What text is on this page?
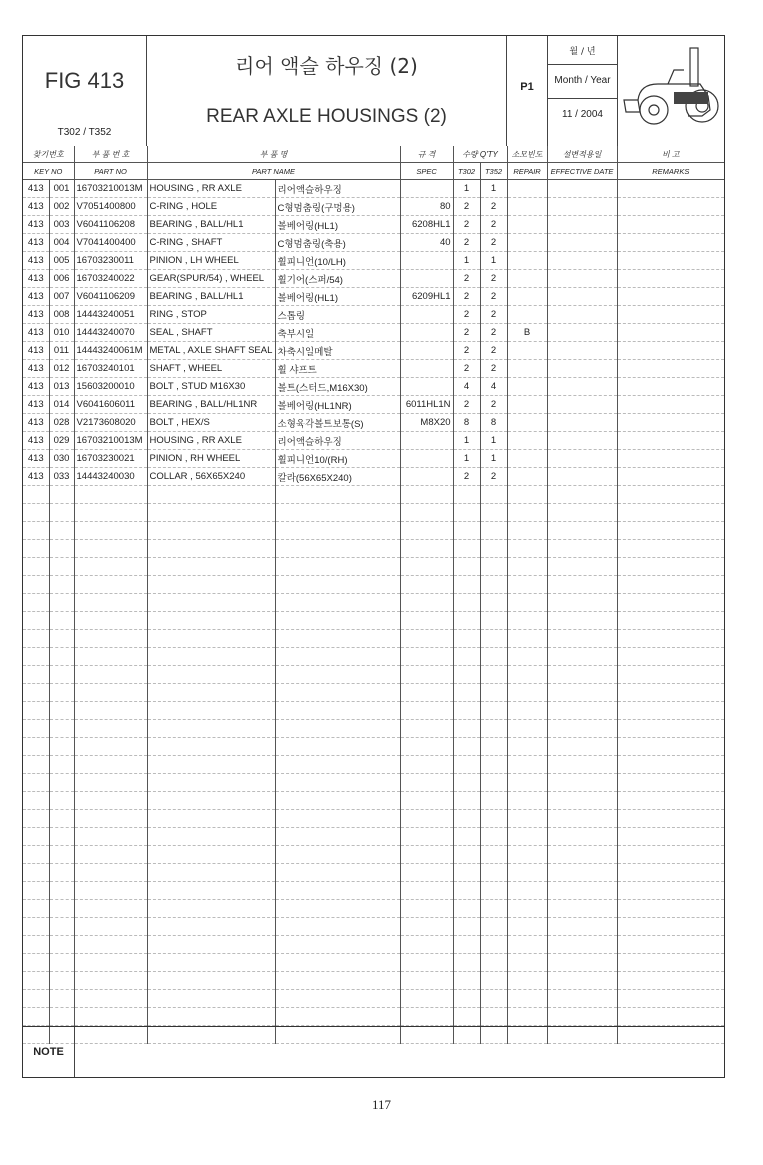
FIG 413
T302 / T352
리어 액슬 하우징 (2)
REAR AXLE HOUSINGS (2)
P1
월 / 년
Month / Year
11 / 2004
찾기번호		부 품 번 호	부 품 명		규 격	수량 Q'TY		소모빈도	설변적용일	비 고
KEY NO		PART NO	PART NAME		SPEC	T302	T352	REPAIR	EFFECTIVE DATE	REMARKS
413	001	16703210013M	HOUSING , RR AXLE	리어액슬하우징		1	1			
413	002	V7051400800	C-RING , HOLE	C형멈춤링(구멍용)	80	2	2			
413	003	V6041106208	BEARING , BALL/HL1	볼베어링(HL1)	6208HL1	2	2			
413	004	V7041400400	C-RING , SHAFT	C형멈춤링(축용)	40	2	2			
413	005	16703230011	PINION , LH WHEEL	휠피니언(10/LH)		1	1			
413	006	16703240022	GEAR(SPUR/54) , WHEEL	휠기어(스퍼/54)		2	2			
413	007	V6041106209	BEARING , BALL/HL1	볼베어링(HL1)	6209HL1	2	2			
413	008	14443240051	RING , STOP	스톱링		2	2			
413	010	14443240070	SEAL , SHAFT	축부시일		2	2	B		
413	011	14443240061M	METAL , AXLE SHAFT SEAL	차축시일메탈		2	2			
413	012	16703240101	SHAFT , WHEEL	휠 샤프트		2	2			
413	013	15603200010	BOLT , STUD M16X30	볼트(스터드,M16X30)		4	4			
413	014	V6041606011	BEARING , BALL/HL1NR	볼베어링(HL1NR)	6011HL1N	2	2			
413	028	V2173608020	BOLT , HEX/S	소형육각볼트보통(S)	M8X20	8	8			
413	029	16703210013M	HOUSING , RR AXLE	리어액슬하우징		1	1			
413	030	16703230021	PINION , RH WHEEL	휠피니언10/(RH)		1	1			
413	033	14443240030	COLLAR , 56X65X240	칼라(56X65X240)		2	2			

NOTE
117
